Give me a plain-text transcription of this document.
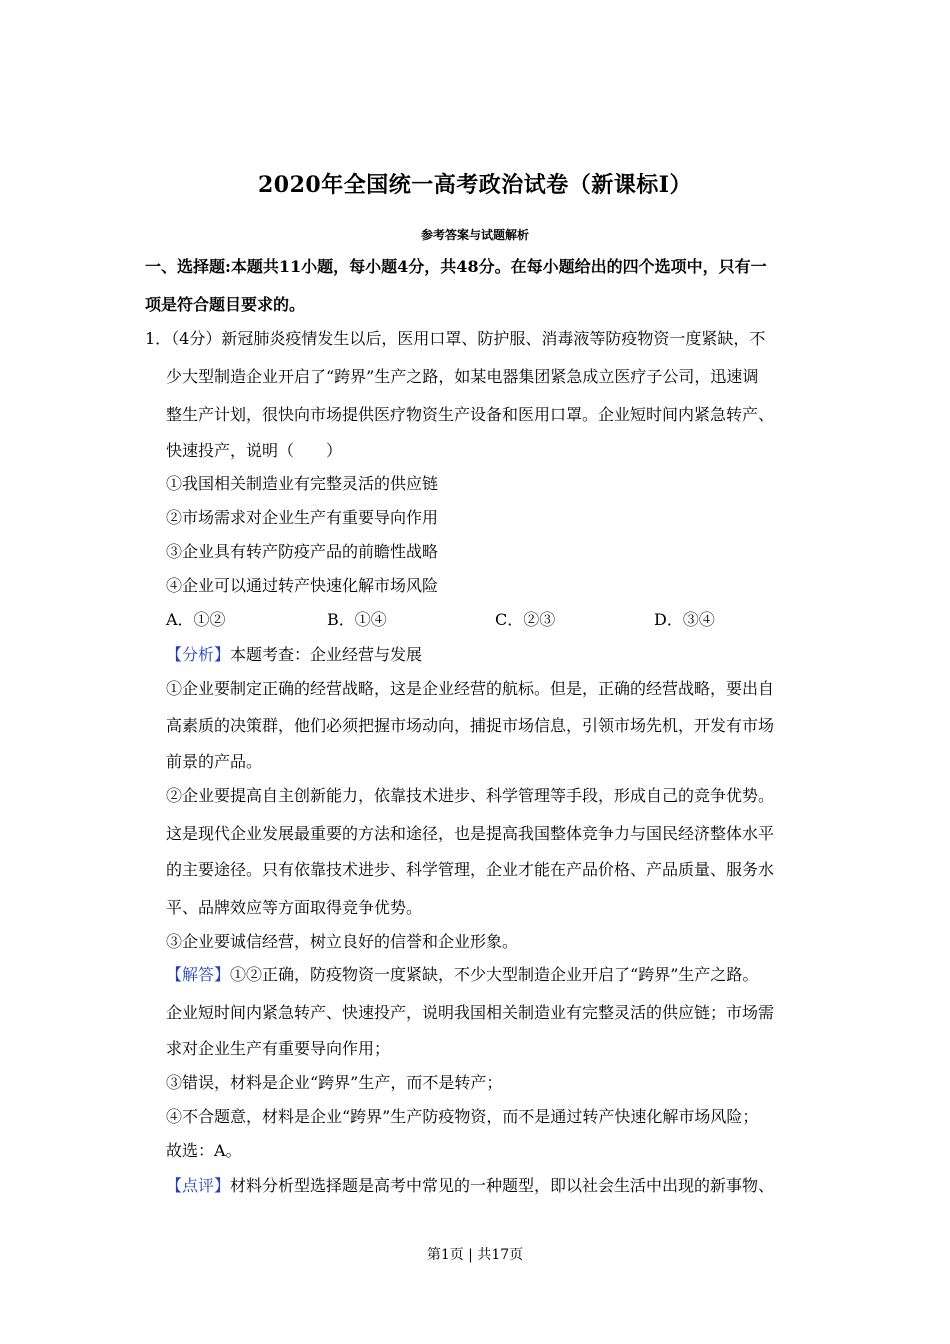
2020年全国统一高考政治试卷（新课标Ⅰ）
参考答案与试题解析
一、选择题:本题共11小题，每小题4分，共48分。在每小题给出的四个选项中，只有一
项是符合题目要求的。
1．（4分）新冠肺炎疫情发生以后，医用口罩、防护服、消毒液等防疫物资一度紧缺，不
少大型制造企业开启了“跨界”生产之路，如某电器集团紧急成立医疗子公司，迅速调
整生产计划，很快向市场提供医疗物资生产设备和医用口罩。企业短时间内紧急转产、
快速投产，说明（　　）
①我国相关制造业有完整灵活的供应链
②市场需求对企业生产有重要导向作用
③企业具有转产防疫产品的前瞻性战略
④企业可以通过转产快速化解市场风险
A．①②	B．①④	C．②③	D．③④
【分析】本题考查：企业经营与发展
①企业要制定正确的经营战略，这是企业经营的航标。但是，正确的经营战略，要出自
高素质的决策群，他们必须把握市场动向，捕捉市场信息，引领市场先机，开发有市场
前景的产品。
②企业要提高自主创新能力，依靠技术进步、科学管理等手段，形成自己的竞争优势。
这是现代企业发展最重要的方法和途径，也是提高我国整体竞争力与国民经济整体水平
的主要途径。只有依靠技术进步、科学管理，企业才能在产品价格、产品质量、服务水
平、品牌效应等方面取得竞争优势。
③企业要诚信经营，树立良好的信誉和企业形象。
【解答】①②正确，防疫物资一度紧缺，不少大型制造企业开启了“跨界”生产之路。
企业短时间内紧急转产、快速投产，说明我国相关制造业有完整灵活的供应链；市场需
求对企业生产有重要导向作用；
③错误，材料是企业“跨界”生产，而不是转产；
④不合题意，材料是企业“跨界”生产防疫物资，而不是通过转产快速化解市场风险；
故选：A。
【点评】材料分析型选择题是高考中常见的一种题型，即以社会生活中出现的新事物、
第1页 | 共17页
